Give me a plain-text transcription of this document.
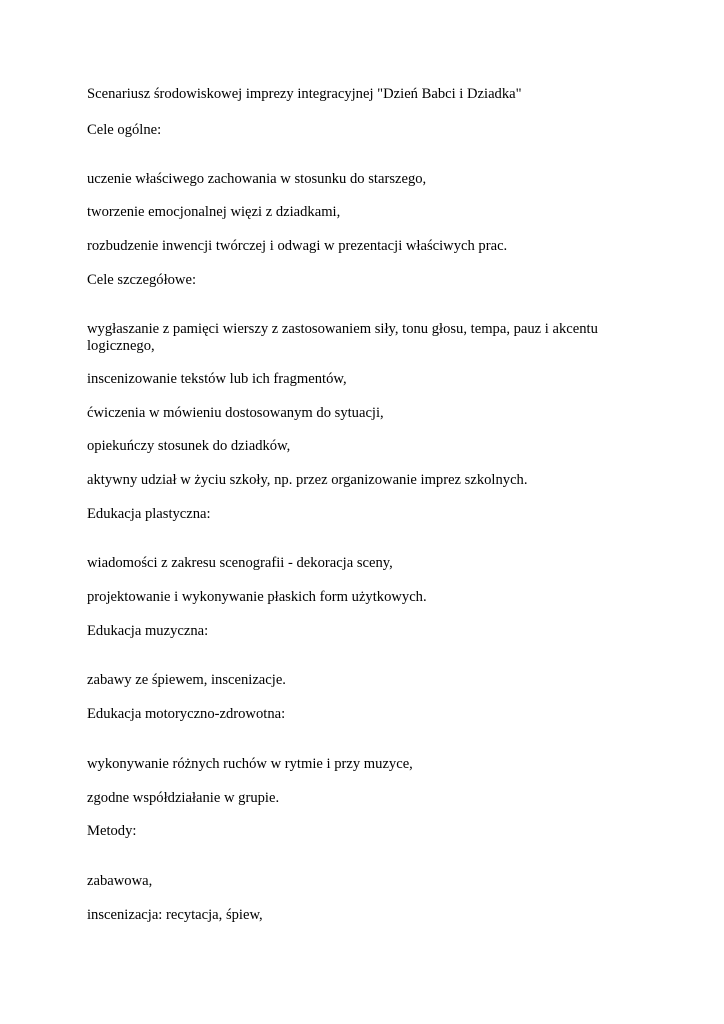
Scenariusz środowiskowej imprezy integracyjnej "Dzień Babci i Dziadka"
Cele ogólne:
uczenie właściwego zachowania w stosunku do starszego,
tworzenie emocjonalnej więzi z dziadkami,
rozbudzenie inwencji twórczej i odwagi w prezentacji właściwych prac.
Cele szczegółowe:
wygłaszanie z pamięci wierszy z zastosowaniem siły, tonu głosu, tempa, pauz i akcentu logicznego,
inscenizowanie tekstów lub ich fragmentów,
ćwiczenia w mówieniu dostosowanym do sytuacji,
opiekuńczy stosunek do dziadków,
aktywny udział w życiu szkoły, np. przez organizowanie imprez szkolnych.
Edukacja plastyczna:
wiadomości z zakresu scenografii - dekoracja sceny,
projektowanie i wykonywanie płaskich form użytkowych.
Edukacja muzyczna:
zabawy ze śpiewem, inscenizacje.
Edukacja motoryczno-zdrowotna:
wykonywanie różnych ruchów w rytmie i przy muzyce,
zgodne współdziałanie w grupie.
Metody:
zabawowa,
inscenizacja: recytacja, śpiew,
